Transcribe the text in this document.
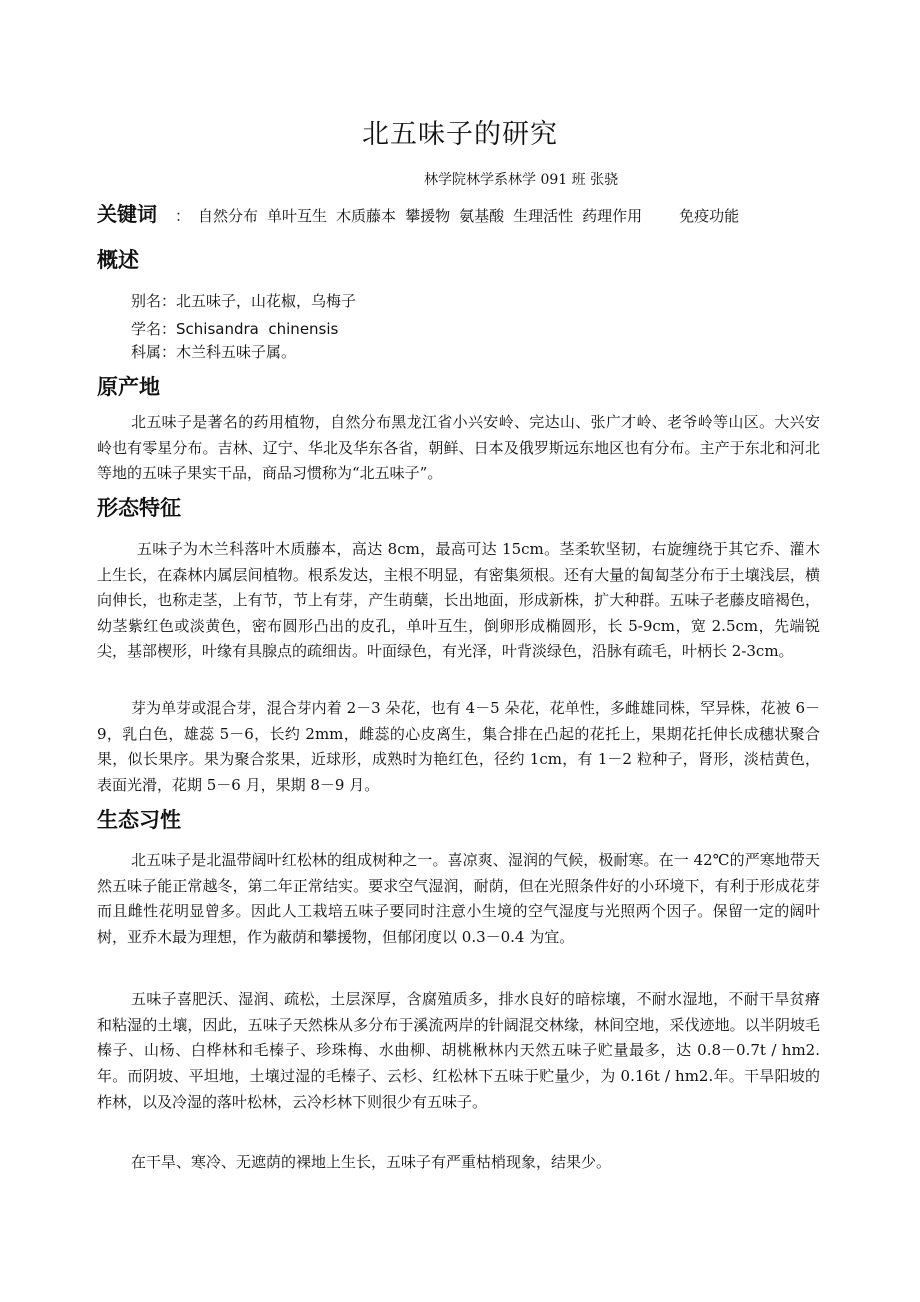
北五味子的研究
林学院林学系林学 091 班 张骁
关键词 ： 自然分布 单叶互生 木质藤本 攀援物 氨基酸 生理活性 药理作用 免疫功能
概述
别名：北五味子，山花椒，乌梅子
学名：Schisandra  chinensis
科属：木兰科五味子属。
原产地
北五味子是著名的药用植物，自然分布黑龙江省小兴安岭、完达山、张广才岭、老爷岭等山区。大兴安岭也有零星分布。吉林、辽宁、华北及华东各省，朝鲜、日本及俄罗斯远东地区也有分布。主产于东北和河北等地的五味子果实干品，商品习惯称为“北五味子”。
形态特征
五味子为木兰科落叶木质藤本，高达 8cm，最高可达 15cm。茎柔软坚韧，右旋缠绕于其它乔、灌木上生长，在森林内属层间植物。根系发达，主根不明显，有密集须根。还有大量的匐匐茎分布于土壤浅层，横向伸长，也称走茎，上有节，节上有芽，产生萌蘖，长出地面，形成新株，扩大种群。五味子老藤皮暗褐色，幼茎紫红色或淡黄色，密布圆形凸出的皮孔，单叶互生，倒卵形成椭圆形，长 5-9cm，宽 2.5cm，先端锐尖，基部楔形，叶缘有具腺点的疏细齿。叶面绿色，有光泽，叶背淡绿色，沿脉有疏毛，叶柄长 2-3cm。
芽为单芽或混合芽，混合芽内着 2－3 朵花，也有 4－5 朵花，花单性，多雌雄同株，罕异株，花被 6－9，乳白色，雄蕊 5－6，长约 2mm，雌蕊的心皮离生，集合排在凸起的花托上，果期花托伸长成穗状聚合果，似长果序。果为聚合浆果，近球形，成熟时为艳红色，径约 1cm，有 1－2 粒种子，肾形，淡桔黄色，表面光滑，花期 5－6 月，果期 8－9 月。
生态习性
北五味子是北温带阔叶红松林的组成树种之一。喜凉爽、湿润的气候，极耐寒。在一 42℃的严寒地带天然五味子能正常越冬，第二年正常结实。要求空气湿润，耐荫，但在光照条件好的小环境下，有利于形成花芽而且雌性花明显曾多。因此人工栽培五味子要同时注意小生境的空气湿度与光照两个因子。保留一定的阔叶树，亚乔木最为理想，作为蔽荫和攀援物，但郁闭度以 0.3－0.4 为宜。
五味子喜肥沃、湿润、疏松，土层深厚，含腐殖质多，排水良好的暗棕壤，不耐水湿地，不耐干旱贫瘠和粘湿的土壤，因此，五味子天然株从多分布于溪流两岸的针阔混交林缘，林间空地，采伐迹地。以半阴坡毛榛子、山杨、白桦林和毛榛子、珍珠梅、水曲柳、胡桃楸林内天然五味子贮量最多，达 0.8－0.7t / hm2.年。而阴坡、平坦地，土壤过湿的毛榛子、云杉、红松林下五味于贮量少，为 0.16t / hm2.年。干旱阳坡的柞林，以及冷湿的落叶松林，云冷杉林下则很少有五味子。
在干旱、寒冷、无遮荫的裸地上生长，五味子有严重枯梢现象，结果少。
